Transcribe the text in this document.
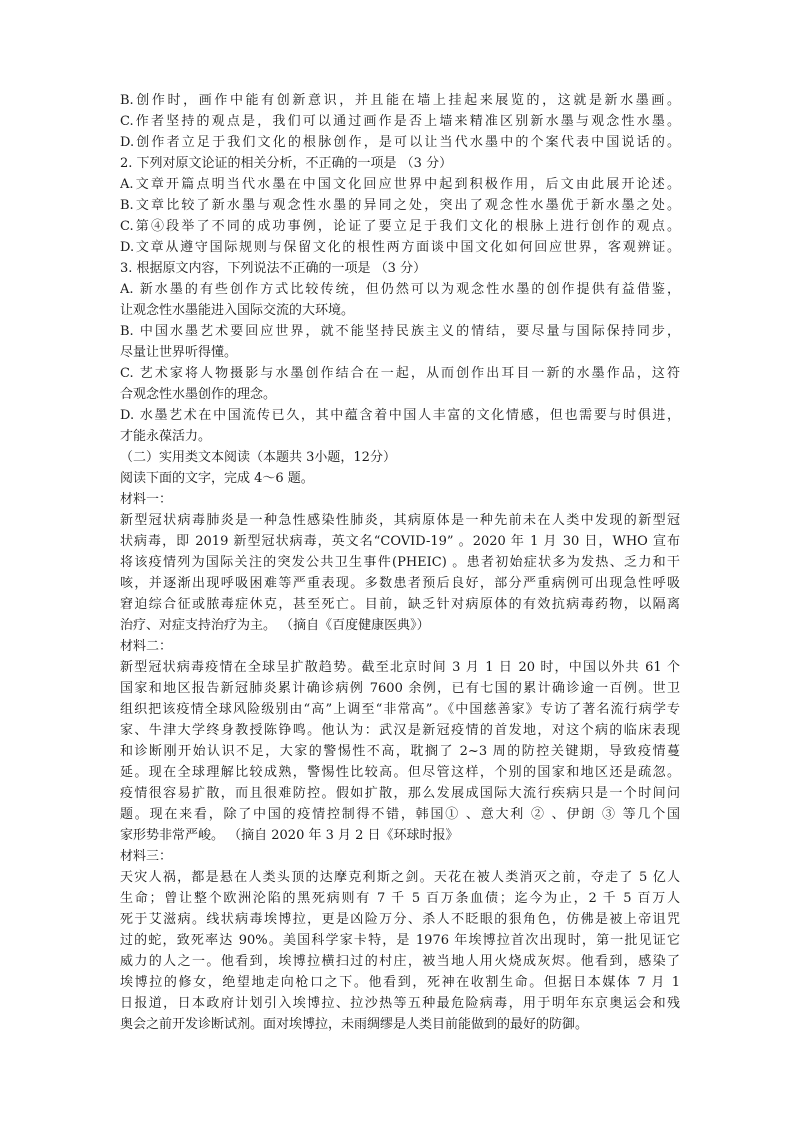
B.创作时，画作中能有创新意识，并且能在墙上挂起来展览的，这就是新水墨画。
C.作者坚持的观点是，我们可以通过画作是否上墙来精准区别新水墨与观念性水墨。
D.创作者立足于我们文化的根脉创作，是可以让当代水墨中的个案代表中国说话的。
2. 下列对原文论证的相关分析，不正确的一项是 （3 分）
A.文章开篇点明当代水墨在中国文化回应世界中起到积极作用，后文由此展开论述。
B.文章比较了新水墨与观念性水墨的异同之处，突出了观念性水墨优于新水墨之处。
C.第④段举了不同的成功事例，论证了要立足于我们文化的根脉上进行创作的观点。
D.文章从遵守国际规则与保留文化的根性两方面谈中国文化如何回应世界，客观辨证。
3. 根据原文内容，下列说法不正确的一项是 （3 分）
A. 新水墨的有些创作方式比较传统，但仍然可以为观念性水墨的创作提供有益借鉴，
让观念性水墨能进入国际交流的大环境。
B. 中国水墨艺术要回应世界，就不能坚持民族主义的情结，要尽量与国际保持同步，
尽量让世界听得懂。
C. 艺术家将人物摄影与水墨创作结合在一起，从而创作出耳目一新的水墨作品，这符
合观念性水墨创作的理念。
D. 水墨艺术在中国流传已久，其中蕴含着中国人丰富的文化情感，但也需要与时俱进，
才能永葆活力。
（二）实用类文本阅读（本题共 3小题，12分）
阅读下面的文字，完成 4～6 题。
材料一：
新型冠状病毒肺炎是一种急性感染性肺炎，其病原体是一种先前未在人类中发现的新型冠
状病毒，即 2019 新型冠状病毒，英文名“COVID-19” 。2020 年 1 月 30 日，WHO 宣布
将该疫情列为国际关注的突发公共卫生事件(PHEIC) 。患者初始症状多为发热、乏力和干
咳，并逐渐出现呼吸困难等严重表现。多数患者预后良好，部分严重病例可出现急性呼吸
窘迫综合征或脓毒症休克，甚至死亡。目前，缺乏针对病原体的有效抗病毒药物，以隔离
治疗、对症支持治疗为主。 （摘自《百度健康医典》）
材料二：
新型冠状病毒疫情在全球呈扩散趋势。截至北京时间 3 月 1 日 20 时，中国以外共 61 个
国家和地区报告新冠肺炎累计确诊病例 7600 余例，已有七国的累计确诊逾一百例。世卫
组织把该疫情全球风险级别由“高”上调至“非常高”。《中国慈善家》专访了著名流行病学专
家、牛津大学终身教授陈铮鸣。他认为：武汉是新冠疫情的首发地，对这个病的临床表现
和诊断刚开始认识不足，大家的警惕性不高，耽搁了 2~3 周的防控关键期，导致疫情蔓
延。现在全球理解比较成熟，警惕性比较高。但尽管这样，个别的国家和地区还是疏忽。
疫情很容易扩散，而且很难防控。假如扩散，那么发展成国际大流行疾病只是一个时间问
题。现在来看，除了中国的疫情控制得不错，韩国① 、意大利 ② 、伊朗 ③ 等几个国
家形势非常严峻。 （摘自 2020 年 3 月 2 日《环球时报》
材料三：
天灾人祸，都是悬在人类头顶的达摩克利斯之剑。天花在被人类消灭之前，夺走了 5 亿人
生命；曾让整个欧洲沦陷的黑死病则有 7 千 5 百万条血债；迄今为止，2 千 5 百万人
死于艾滋病。线状病毒埃博拉，更是凶险万分、杀人不眨眼的狠角色，仿佛是被上帝诅咒
过的蛇，致死率达 90%。美国科学家卡特，是 1976 年埃博拉首次出现时，第一批见证它
威力的人之一。他看到，埃博拉横扫过的村庄，被当地人用火烧成灰烬。他看到，感染了
埃博拉的修女，绝望地走向枪口之下。他看到，死神在收割生命。但据日本媒体 7 月 1
日报道，日本政府计划引入埃博拉、拉沙热等五种最危险病毒，用于明年东京奥运会和残
奥会之前开发诊断试剂。面对埃博拉，未雨绸缪是人类目前能做到的最好的防御。
